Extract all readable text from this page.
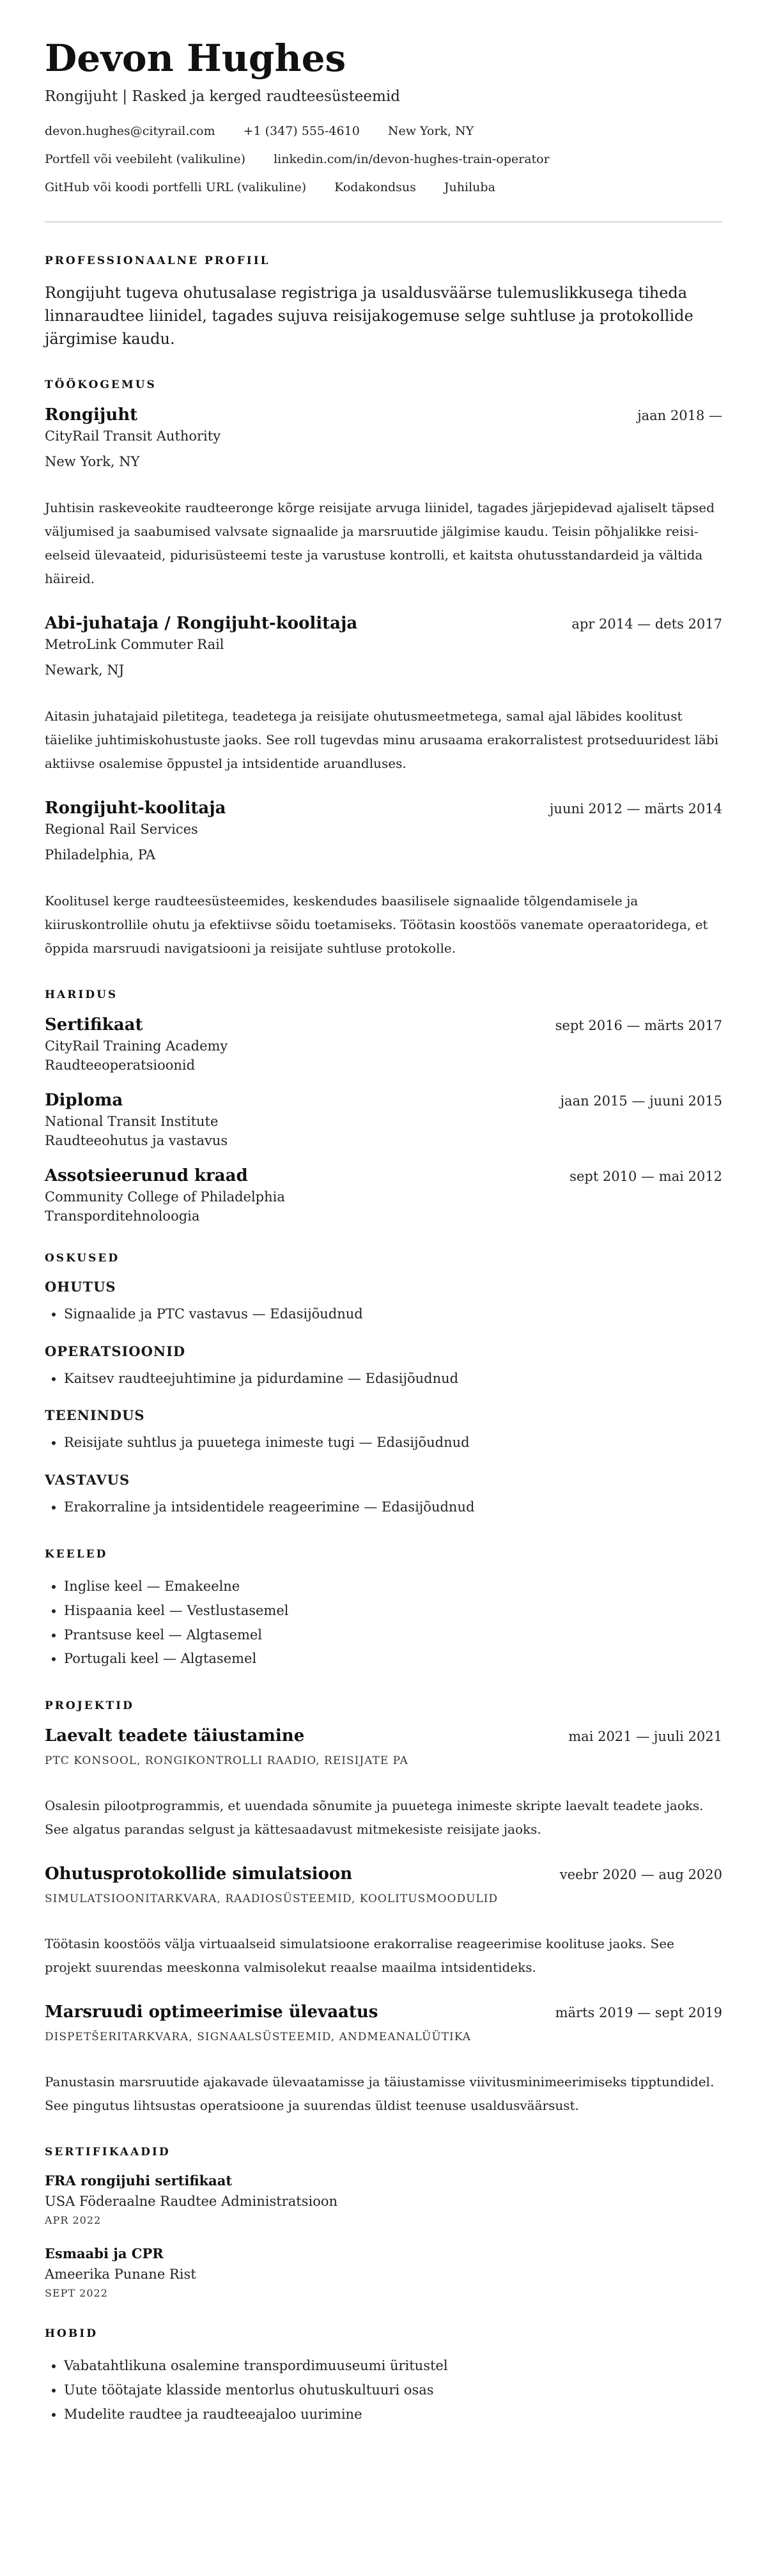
Devon Hughes
Rongijuht | Rasked ja kerged raudteesüsteemid
devon.hughes@cityrail.com +1 (347) 555-4610 New York, NY
Portfell või veebileht (valikuline) linkedin.com/in/devon-hughes-train-operator
GitHub või koodi portfelli URL (valikuline) Kodakondsus Juhiluba
PROFESSIONAALNE PROFIIL

Rongijuht tugeva ohutusalase registriga ja usaldusväärse tulemuslikkusega tiheda linnaraudtee liinidel, tagades sujuva reisijakogemuse selge suhtluse ja protokollide järgimise kaudu.

TÖÖKOGEMUS
Rongijuht	jaan 2018 —
CityRail Transit Authority
New York, NY

Juhtisin raskeveokite raudteeronge kõrge reisijate arvuga liinidel, tagades järjepidevad ajaliselt täpsed väljumised ja saabumised valvsate signaalide ja marsruutide jälgimise kaudu. Teisin põhjalikke reisi-eelseid ülevaateid, pidurisüsteemi teste ja varustuse kontrolli, et kaitsta ohutusstandardeid ja vältida häireid.

Abi-juhataja / Rongijuht-koolitaja	apr 2014 — dets 2017
MetroLink Commuter Rail
Newark, NJ

Aitasin juhatajaid piletitega, teadetega ja reisijate ohutusmeetmetega, samal ajal läbides koolitust täielike juhtimiskohustuste jaoks. See roll tugevdas minu arusaama erakorralistest protseduuridest läbi aktiivse osalemise õppustel ja intsidentide aruandluses.

Rongijuht-koolitaja	juuni 2012 — märts 2014
Regional Rail Services
Philadelphia, PA

Koolitusel kerge raudteesüsteemides, keskendudes baasilisele signaalide tõlgendamisele ja kiiruskontrollile ohutu ja efektiivse sõidu toetamiseks. Töötasin koostöös vanemate operaatoridega, et õppida marsruudi navigatsiooni ja reisijate suhtluse protokolle.

HARIDUS
Sertifikaat	sept 2016 — märts 2017
CityRail Training Academy
Raudteeoperatsioonid
Diploma	jaan 2015 — juuni 2015
National Transit Institute
Raudteeohutus ja vastavus
Assotsieerunud kraad	sept 2010 — mai 2012
Community College of Philadelphia
Transporditehnoloogia
OSKUSED
OHUTUS
• Signaalide ja PTC vastavus — Edasijõudnud
OPERATSIOONID
• Kaitsev raudteejuhtimine ja pidurdamine — Edasijõudnud
TEENINDUS
• Reisijate suhtlus ja puuetega inimeste tugi — Edasijõudnud
VASTAVUS
• Erakorraline ja intsidentidele reageerimine — Edasijõudnud
KEELED
• Inglise keel — Emakeelne
• Hispaania keel — Vestlustasemel
• Prantsuse keel — Algtasemel
• Portugali keel — Algtasemel
PROJEKTID
Laevalt teadete täiustamine	mai 2021 — juuli 2021
PTC KONSOOL, RONGIKONTROLLI RAADIO, REISIJATE PA

Osalesin pilootprogrammis, et uuendada sõnumite ja puuetega inimeste skripte laevalt teadete jaoks. See algatus parandas selgust ja kättesaadavust mitmekesiste reisijate jaoks.

Ohutusprotokollide simulatsioon	veebr 2020 — aug 2020
SIMULATSIOONITARKVARA, RAADIOSÜSTEEMID, KOOLITUSMOODULID

Töötasin koostöös välja virtuaalseid simulatsioone erakorralise reageerimise koolituse jaoks. See projekt suurendas meeskonna valmisolekut reaalse maailma intsidentideks.

Marsruudi optimeerimise ülevaatus	märts 2019 — sept 2019
DISPETŠERITARKVARA, SIGNAALSÜSTEEMID, ANDMEANALÜÜTIKA

Panustasin marsruutide ajakavade ülevaatamisse ja täiustamisse viivitusminimeerimiseks tipptundidel. See pingutus lihtsustas operatsioone ja suurendas üldist teenuse usaldusväärsust.

SERTIFIKAADID
FRA rongijuhi sertifikaat
USA Föderaalne Raudtee Administratsioon
APR 2022
Esmaabi ja CPR
Ameerika Punane Rist
SEPT 2022
HOBID
• Vabatahtlikuna osalemine transpordimuuseumi üritustel
• Uute töötajate klasside mentorlus ohutuskultuuri osas
• Mudelite raudtee ja raudteeajaloo uurimine
